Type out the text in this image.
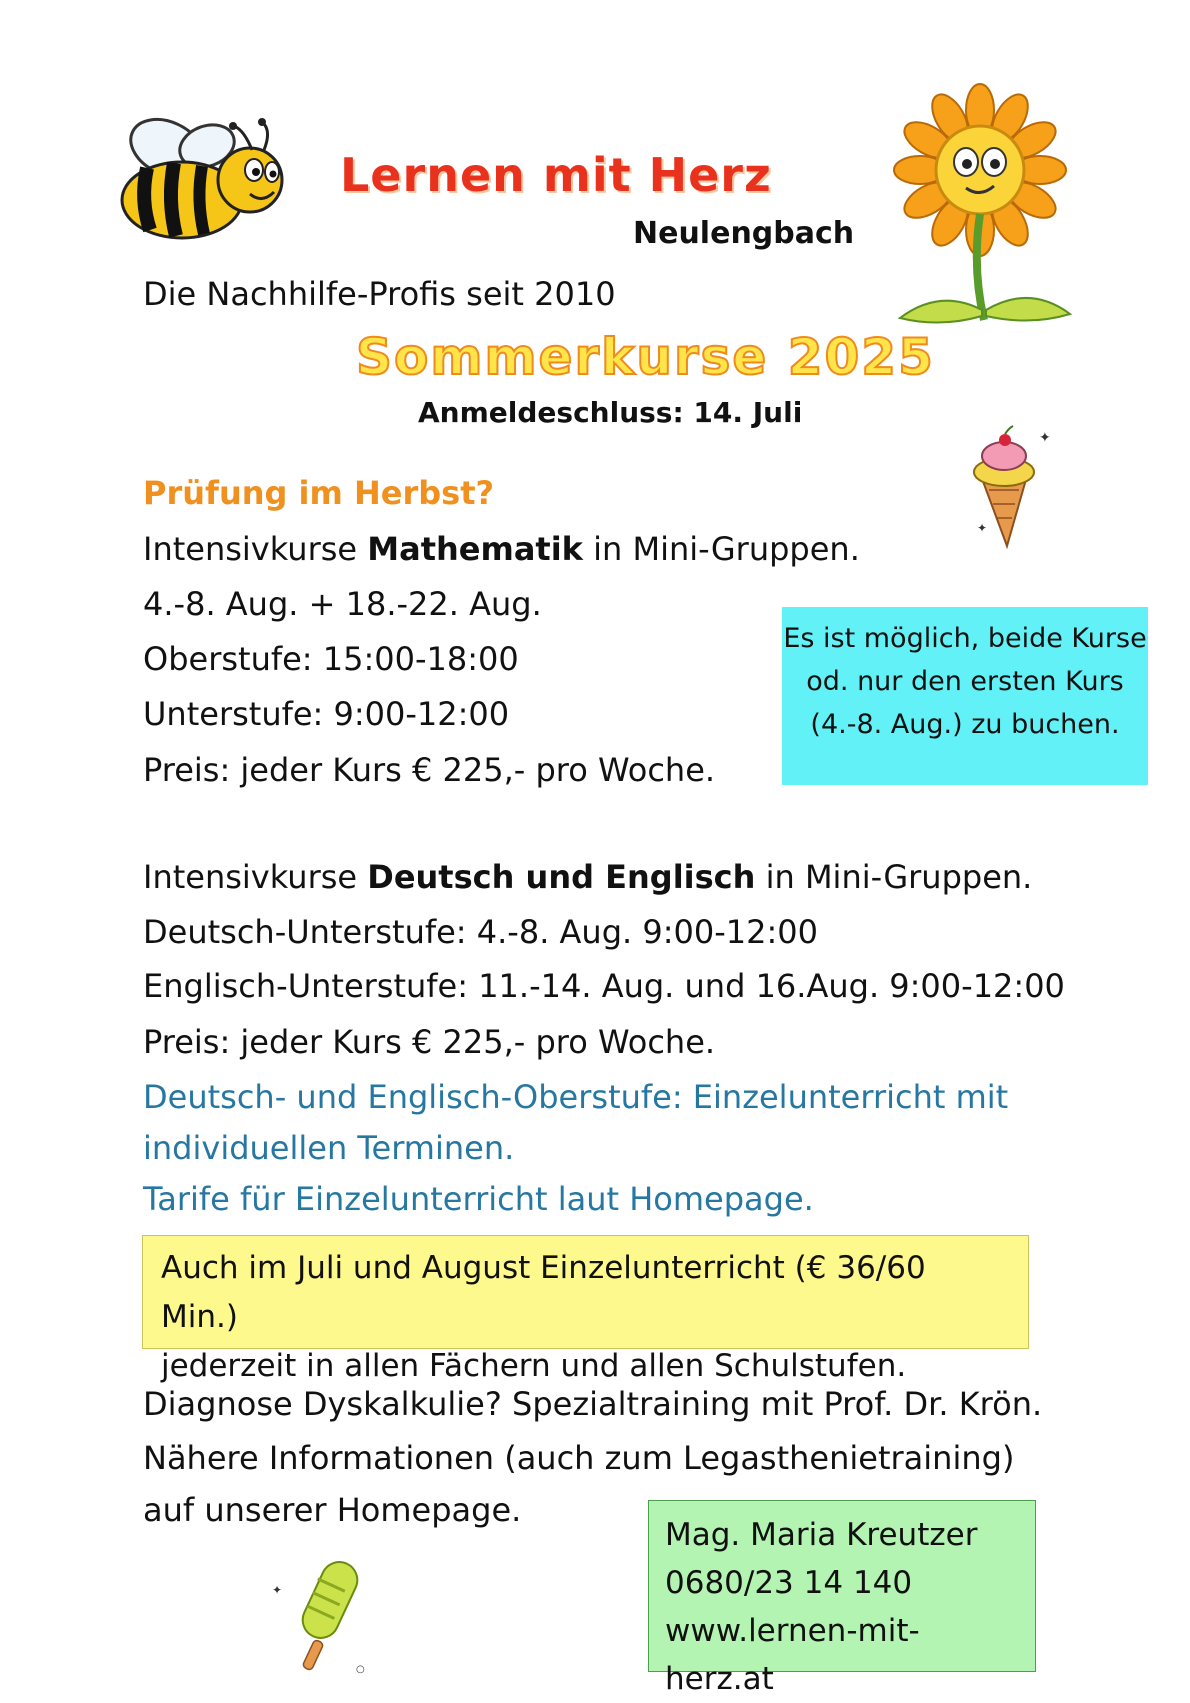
✦
✦
✦
○
Lernen mit Herz
Neulengbach
Die Nachhilfe-Profis seit 2010
Sommerkurse 2025
Anmeldeschluss: 14. Juli
Prüfung im Herbst?
Intensivkurse Mathematik in Mini-Gruppen.
4.-8. Aug. + 18.-22. Aug.
Oberstufe: 15:00-18:00
Unterstufe: 9:00-12:00
Preis: jeder Kurs € 225,- pro Woche.
Es ist möglich, beide Kurse od. nur den ersten Kurs (4.-8. Aug.) zu buchen.
Intensivkurse Deutsch und Englisch in Mini-Gruppen.
Deutsch-Unterstufe: 4.-8. Aug. 9:00-12:00
Englisch-Unterstufe: 11.-14. Aug. und 16.Aug. 9:00-12:00
Preis: jeder Kurs € 225,- pro Woche.
Deutsch- und Englisch-Oberstufe: Einzelunterricht mit
individuellen Terminen.
Tarife für Einzelunterricht laut Homepage.
Auch im Juli und August Einzelunterricht (€ 36/60 Min.)
jederzeit in allen Fächern und allen Schulstufen.
Diagnose Dyskalkulie? Spezialtraining mit Prof. Dr. Krön.
Nähere Informationen (auch zum Legasthenietraining)
auf unserer Homepage.
Mag. Maria Kreutzer
0680/23 14 140
www.lernen-mit-herz.at
